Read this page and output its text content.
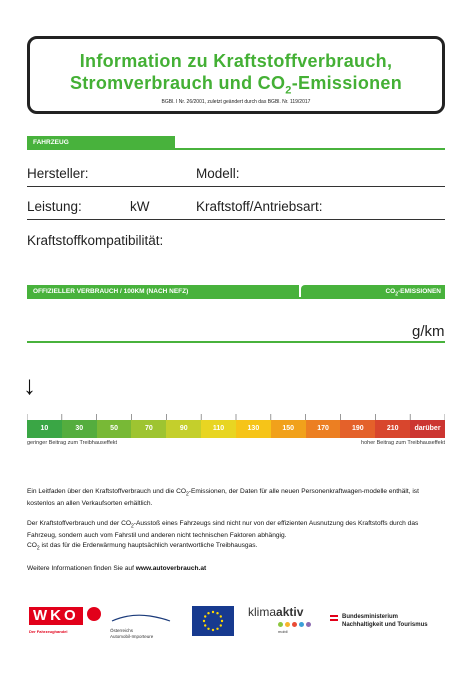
Information zu Kraftstoffverbrauch,
Stromverbrauch und $CO_2$-Emissionen
BGBl. I Nr. 26/2001, zuletzt geändert durch das BGBl. Nr. 119/2017
FAHRZEUG
Hersteller:	Modell:
Leistung:	kW	Kraftstoff/Antriebsart:
Kraftstoffkompatibilität:
OFFIZIELLER VERBRAUCH / 100KM (NACH NEFZ)	$CO_2$-EMISSIONEN
g/km
↓
10	30	50	70	90	110	130	150	170	190	210	darüber
geringer Beitrag zum Treibhauseffekt	hoher Beitrag zum Treibhauseffekt
Ein Leitfaden über den Kraftstoffverbrauch und die $CO_2$-Emissionen, der Daten für alle neuen Personenkraftwagen-modelle enthält, ist kostenlos an allen Verkaufsorten erhältlich.
Der Kraftstoffverbrauch und der $CO_2$-Ausstoß eines Fahrzeugs sind nicht nur von der effizienten Ausnutzung des Kraftstoffs durch das Fahrzeug, sondern auch vom Fahrstil und anderen nicht technischen Faktoren abhängig.
$CO_2$ ist das für die Erderwärmung hauptsächlich verantwortliche Treibhausgas.
Weitere Informationen finden Sie auf www.autoverbrauch.at
WKO
Der Fahrzeughandel	Österreichs
Automobil-Importeure
klimaaktiv
mobil
Bundesministerium
Nachhaltigkeit und Tourismus
